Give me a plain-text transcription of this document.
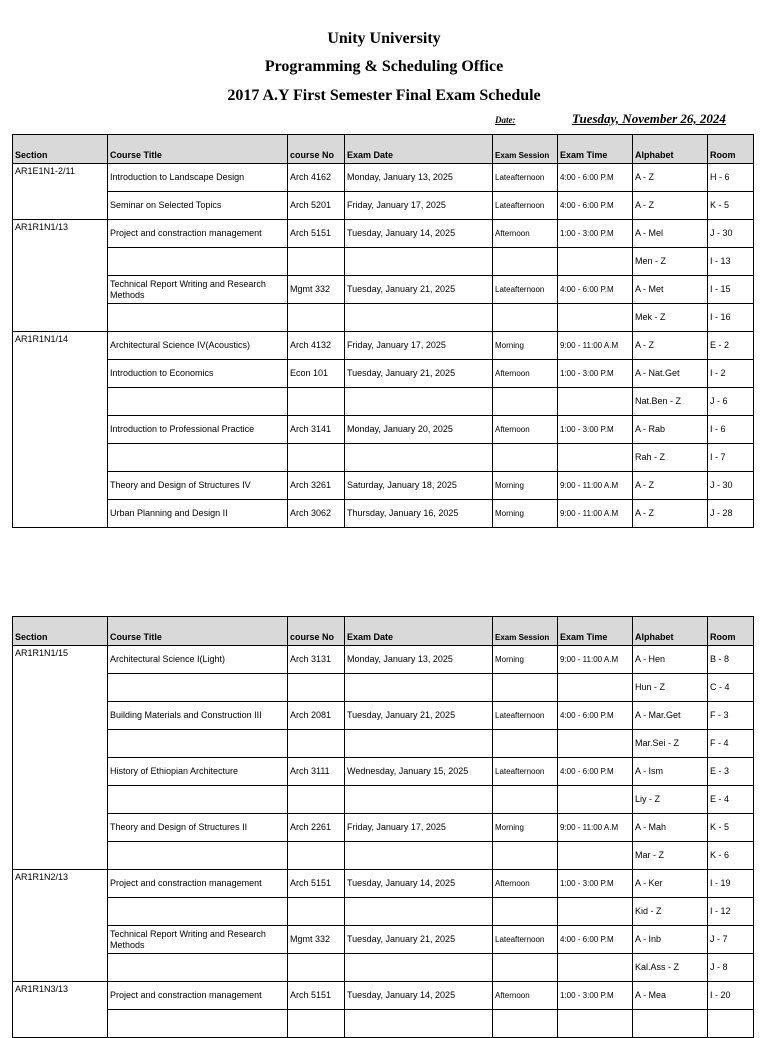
Unity University
Programming & Scheduling Office
2017 A.Y First Semester Final Exam Schedule
Date:	Tuesday, November 26, 2024
Section	Course Title	course No	Exam Date	Exam Session	Exam Time	Alphabet	Room
AR1E1N1-2/11	Introduction to Landscape Design	Arch 4162	Monday, January 13, 2025	Lateafternoon	4:00 - 6:00 P.M	A - Z	H - 6
	Seminar on Selected Topics	Arch 5201	Friday, January 17, 2025	Lateafternoon	4:00 - 6:00 P.M	A - Z	K - 5
AR1R1N1/13	Project and constraction management	Arch 5151	Tuesday, January 14, 2025	Afternoon	1:00 - 3:00 P.M	A - Mel	J - 30
						Men - Z	I - 13
	Technical Report Writing and Research Methods	Mgmt 332	Tuesday, January 21, 2025	Lateafternoon	4:00 - 6:00 P.M	A - Met	I - 15
						Mek - Z	I - 16
AR1R1N1/14	Architectural Science IV(Acoustics)	Arch 4132	Friday, January 17, 2025	Morning	9:00 - 11:00 A.M	A - Z	E - 2
	Introduction to Economics	Econ 101	Tuesday, January 21, 2025	Afternoon	1:00 - 3:00 P.M	A - Nat.Get	I - 2
						Nat.Ben - Z	J - 6
	Introduction to Professional Practice	Arch 3141	Monday, January 20, 2025	Afternoon	1:00 - 3:00 P.M	A - Rab	I - 6
						Rah - Z	I - 7
	Theory and Design of Structures IV	Arch 3261	Saturday, January 18, 2025	Morning	9:00 - 11:00 A.M	A - Z	J - 30
	Urban Planning and Design II	Arch 3062	Thursday, January 16, 2025	Morning	9:00 - 11:00 A.M	A - Z	J - 28
Section	Course Title	course No	Exam Date	Exam Session	Exam Time	Alphabet	Room
AR1R1N1/15	Architectural Science I(Light)	Arch 3131	Monday, January 13, 2025	Morning	9:00 - 11:00 A.M	A - Hen	B - 8
						Hun - Z	C - 4
	Building Materials and Construction III	Arch 2081	Tuesday, January 21, 2025	Lateafternoon	4:00 - 6:00 P.M	A - Mar.Get	F - 3
						Mar.Sei - Z	F - 4
	History of Ethiopian Architecture	Arch 3111	Wednesday, January 15, 2025	Lateafternoon	4:00 - 6:00 P.M	A - Ism	E - 3
						Liy - Z	E - 4
	Theory and Design of Structures II	Arch 2261	Friday, January 17, 2025	Morning	9:00 - 11:00 A.M	A - Mah	K - 5
						Mar - Z	K - 6
AR1R1N2/13	Project and constraction management	Arch 5151	Tuesday, January 14, 2025	Afternoon	1:00 - 3:00 P.M	A - Ker	I - 19
						Kid - Z	I - 12
	Technical Report Writing and Research Methods	Mgmt 332	Tuesday, January 21, 2025	Lateafternoon	4:00 - 6:00 P.M	A - Inb	J - 7
						Kal.Ass - Z	J - 8
AR1R1N3/13	Project and constraction management	Arch 5151	Tuesday, January 14, 2025	Afternoon	1:00 - 3:00 P.M	A - Mea	I - 20
